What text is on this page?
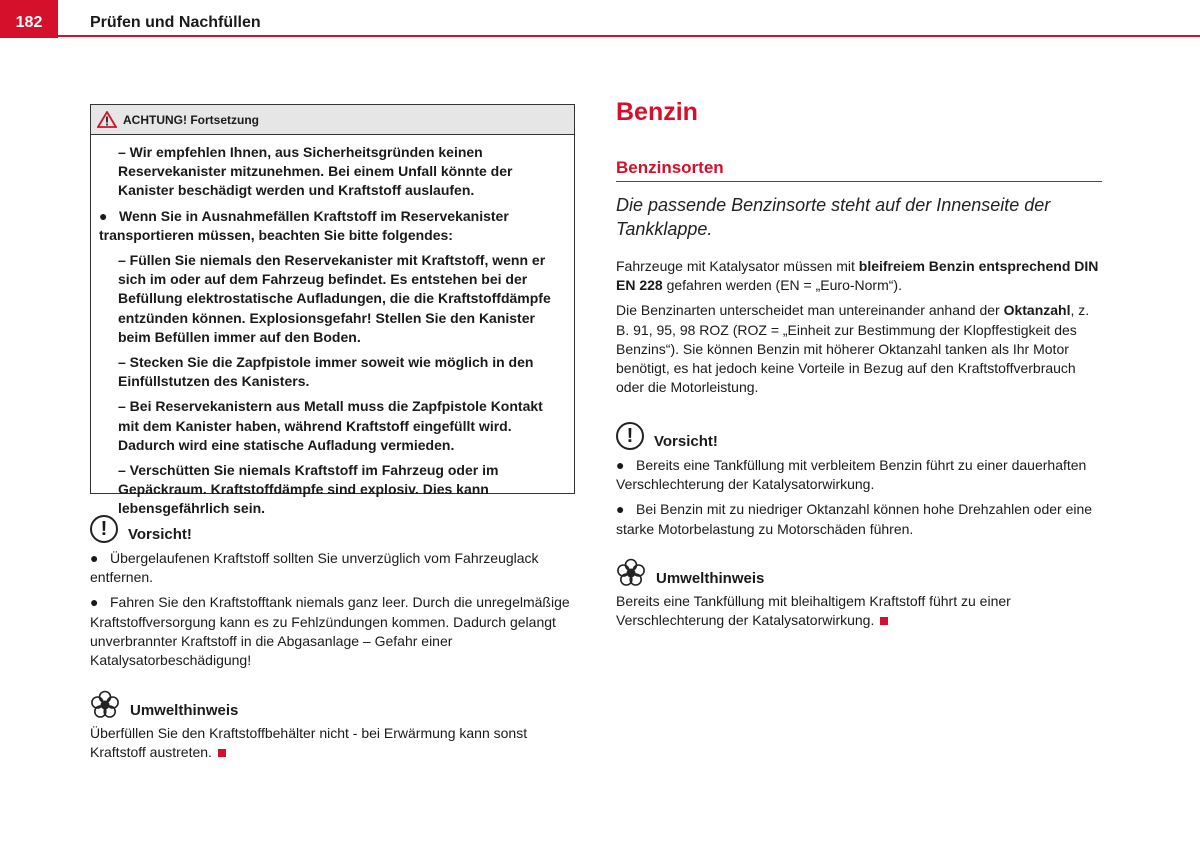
182	Prüfen und Nachfüllen
ACHTUNG! Fortsetzung

– Wir empfehlen Ihnen, aus Sicherheitsgründen keinen Reservekanister mitzunehmen. Bei einem Unfall könnte der Kanister beschädigt werden und Kraftstoff auslaufen.

● Wenn Sie in Ausnahmefällen Kraftstoff im Reservekanister transportieren müssen, beachten Sie bitte folgendes:

– Füllen Sie niemals den Reservekanister mit Kraftstoff, wenn er sich im oder auf dem Fahrzeug befindet. Es entstehen bei der Befüllung elektrostatische Aufladungen, die die Kraftstoffdämpfe entzünden können. Explosionsgefahr! Stellen Sie den Kanister beim Befüllen immer auf den Boden.

– Stecken Sie die Zapfpistole immer soweit wie möglich in den Einfüllstutzen des Kanisters.

– Bei Reservekanistern aus Metall muss die Zapfpistole Kontakt mit dem Kanister haben, während Kraftstoff eingefüllt wird. Dadurch wird eine statische Aufladung vermieden.

– Verschütten Sie niemals Kraftstoff im Fahrzeug oder im Gepäckraum. Kraftstoffdämpfe sind explosiv. Dies kann lebensgefährlich sein.

!	Vorsicht!

● Übergelaufenen Kraftstoff sollten Sie unverzüglich vom Fahrzeuglack entfernen.

● Fahren Sie den Kraftstofftank niemals ganz leer. Durch die unregelmäßige Kraftstoffversorgung kann es zu Fehlzündungen kommen. Dadurch gelangt unverbrannter Kraftstoff in die Abgasanlage – Gefahr einer Katalysatorbeschädigung!

Umwelthinweis
Überfüllen Sie den Kraftstoffbehälter nicht - bei Erwärmung kann sonst Kraftstoff austreten.
Benzin
Benzinsorten
Die passende Benzinsorte steht auf der Innenseite der Tankklappe.

Fahrzeuge mit Katalysator müssen mit bleifreiem Benzin entsprechend DIN EN 228 gefahren werden (EN = „Euro-Norm“).

Die Benzinarten unterscheidet man untereinander anhand der Oktanzahl, z. B. 91, 95, 98 ROZ (ROZ = „Einheit zur Bestimmung der Klopffestigkeit des Benzins“). Sie können Benzin mit höherer Oktanzahl tanken als Ihr Motor benötigt, es hat jedoch keine Vorteile in Bezug auf den Kraftstoffverbrauch oder die Motorleistung.

!	Vorsicht!

● Bereits eine Tankfüllung mit verbleitem Benzin führt zu einer dauerhaften Verschlechterung der Katalysatorwirkung.

● Bei Benzin mit zu niedriger Oktanzahl können hohe Drehzahlen oder eine starke Motorbelastung zu Motorschäden führen.

Umwelthinweis
Bereits eine Tankfüllung mit bleihaltigem Kraftstoff führt zu einer Verschlechterung der Katalysatorwirkung.
